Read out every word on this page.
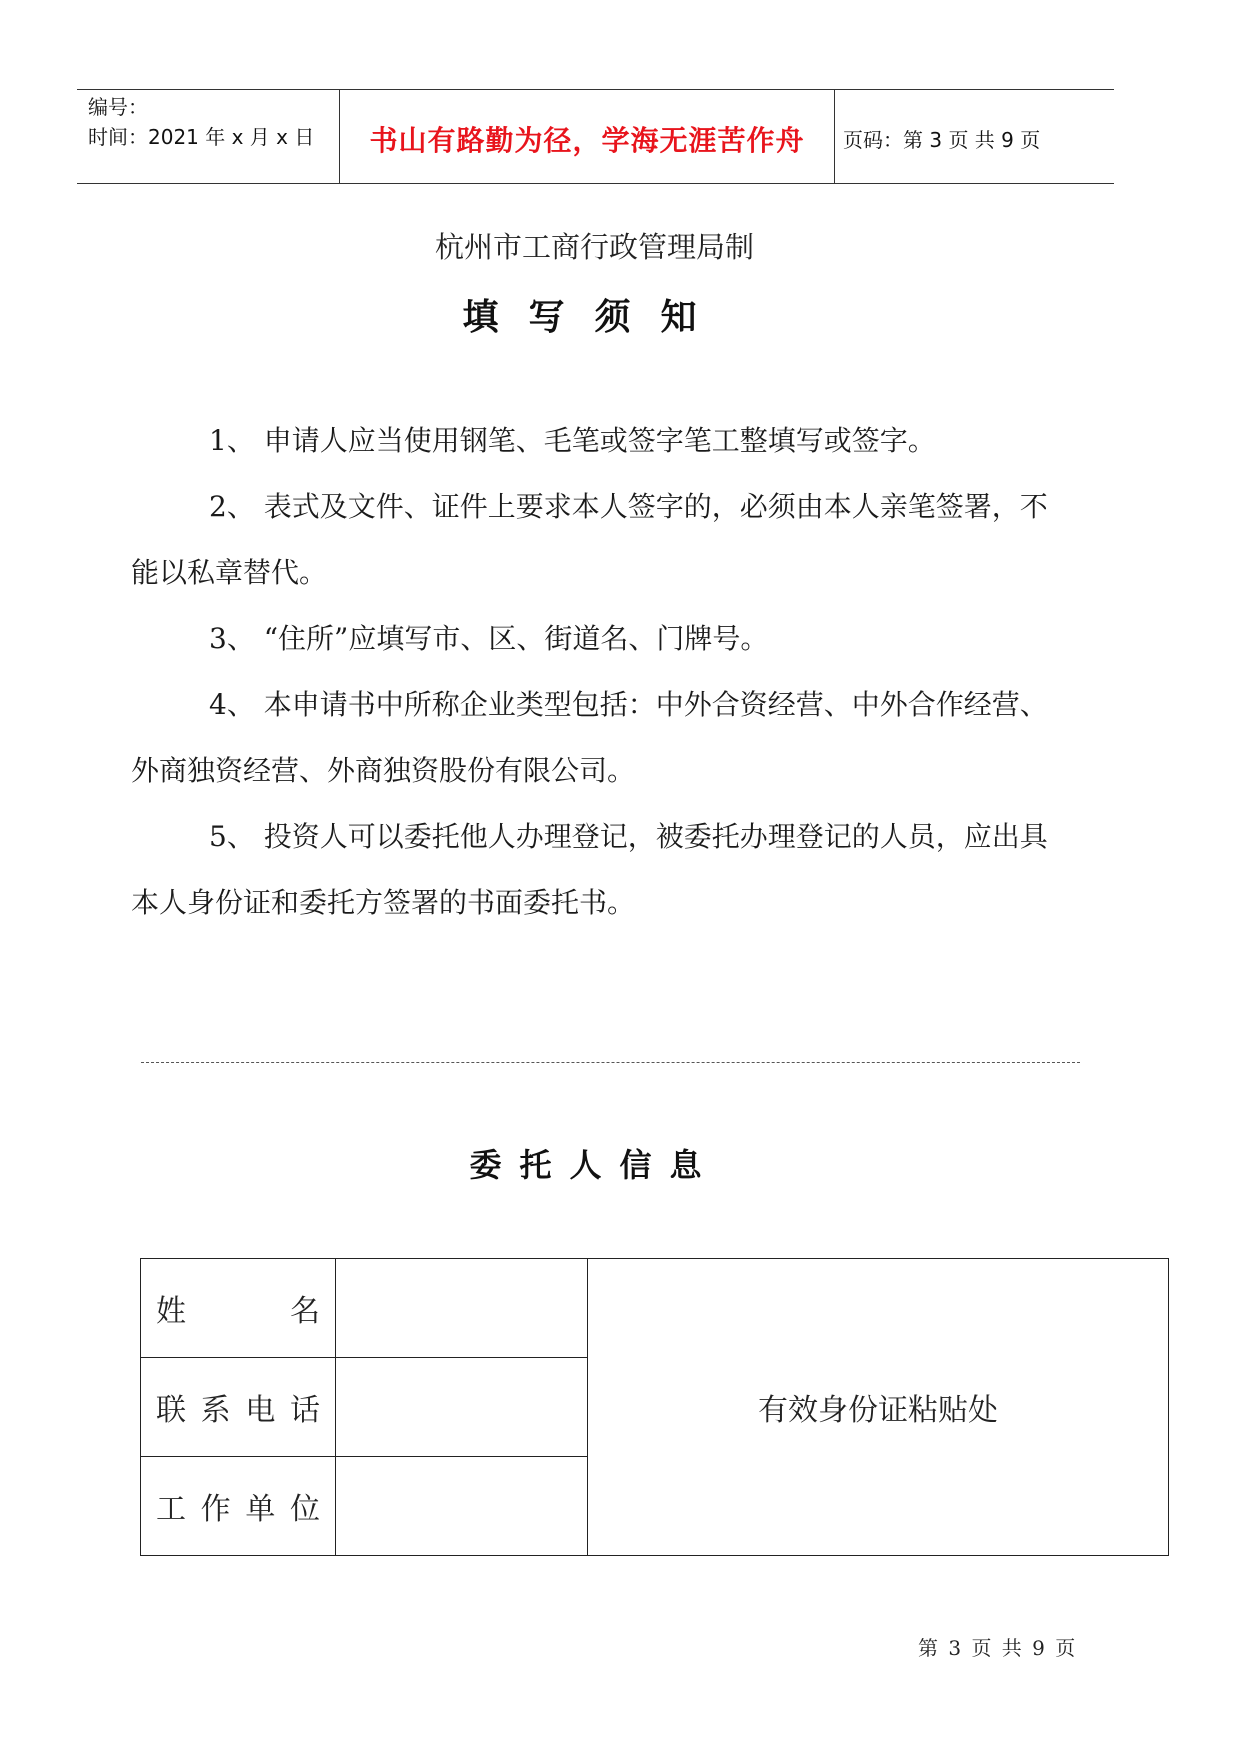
编号：
时间：2021 年 x 月 x 日	书山有路勤为径，学海无涯苦作舟	页码：第 3 页 共 9 页
杭州市工商行政管理局制
填写须知
1、 申请人应当使用钢笔、毛笔或签字笔工整填写或签字。
2、 表式及文件、证件上要求本人签字的，必须由本人亲笔签署，不能以私章替代。
3、 “住所”应填写市、区、街道名、门牌号。
4、 本申请书中所称企业类型包括：中外合资经营、中外合作经营、外商独资经营、外商独资股份有限公司。
5、 投资人可以委托他人办理登记，被委托办理登记的人员，应出具本人身份证和委托方签署的书面委托书。
委托人信息
姓名		有效身份证粘贴处
联系电话		
工作单位		
第 3 页 共 9 页
